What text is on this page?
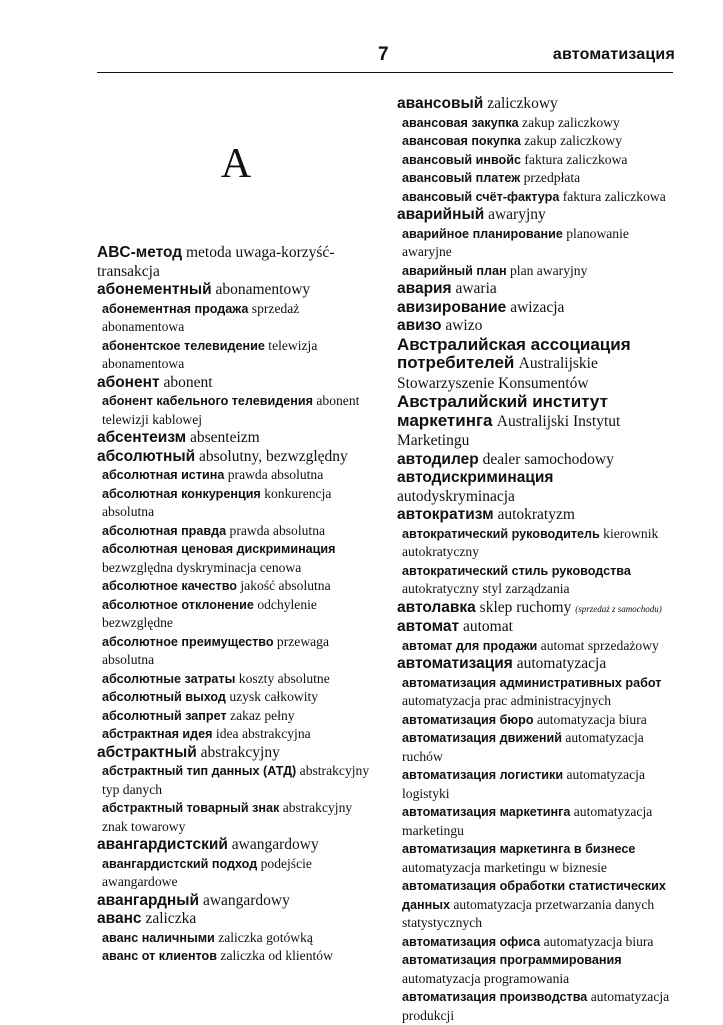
7	автоматизация
А

ABC-метод metoda uwaga-korzyść-transakcja

абонементный abonamentowy

абонементная продажа sprzedaż abonamentowa

абонентское телевидение telewizja abonamentowa

абонент abonent

абонент кабельного телевидения abonent telewizji kablowej

абсентеизм absenteizm

абсолютный absolutny, bezwzględny

абсолютная истина prawda absolutna

абсолютная конкуренция konkurencja absolutna

абсолютная правда prawda absolutna

абсолютная ценовая дискриминация bezwzględna dyskryminacja cenowa

абсолютное качество jakość absolutna

абсолютное отклонение odchylenie bezwzględne

абсолютное преимущество przewaga absolutna

абсолютные затраты koszty absolutne

абсолютный выход uzysk całkowity

абсолютный запрет zakaz pełny

абстрактная идея idea abstrakcyjna

абстрактный abstrakcyjny

абстрактный тип данных (АТД) abstrakcyjny typ danych

абстрактный товарный знак abstrakcyjny znak towarowy

авангардистский awangardowy

авангардистский подход podejście awangardowe

авангардный awangardowy

аванс zaliczka

аванс наличными zaliczka gotówką

аванс от клиентов zaliczka od klientów

авансовый zaliczkowy

авансовая закупка zakup zaliczkowy

авансовая покупка zakup zaliczkowy

авансовый инвойс faktura zaliczkowa

авансовый платеж przedpłata

авансовый счёт-фактура faktura zaliczkowa

аварийный awaryjny

аварийное планирование planowanie awaryjne

аварийный план plan awaryjny

авария awaria

авизирование awizacja

авизо awizo

Австралийская ассоциация потребителей Australijskie Stowarzyszenie Konsumentów

Австралийский институт маркетинга Australijski Instytut Marketingu

автодилер dealer samochodowy

автодискриминация autodyskryminacja

автократизм autokratyzm

автократический руководитель kierownik autokratyczny

автократический стиль руководства autokratyczny styl zarządzania

автолавка sklep ruchomy (sprzedaż z samochodu)

автомат automat

автомат для продажи automat sprzedażowy

автоматизация automatyzacja

автоматизация административных работ automatyzacja prac administracyjnych

автоматизация бюро automatyzacja biura

автоматизация движений automatyzacja ruchów

автоматизация логистики automatyzacja logistyki

автоматизация маркетинга automatyzacja marketingu

автоматизация маркетинга в бизнесе automatyzacja marketingu w biznesie

автоматизация обработки статистических данных automatyzacja przetwarzania danych statystycznych

автоматизация офиса automatyzacja biura

автоматизация программирования automatyzacja programowania

автоматизация производства automatyzacja produkcji
